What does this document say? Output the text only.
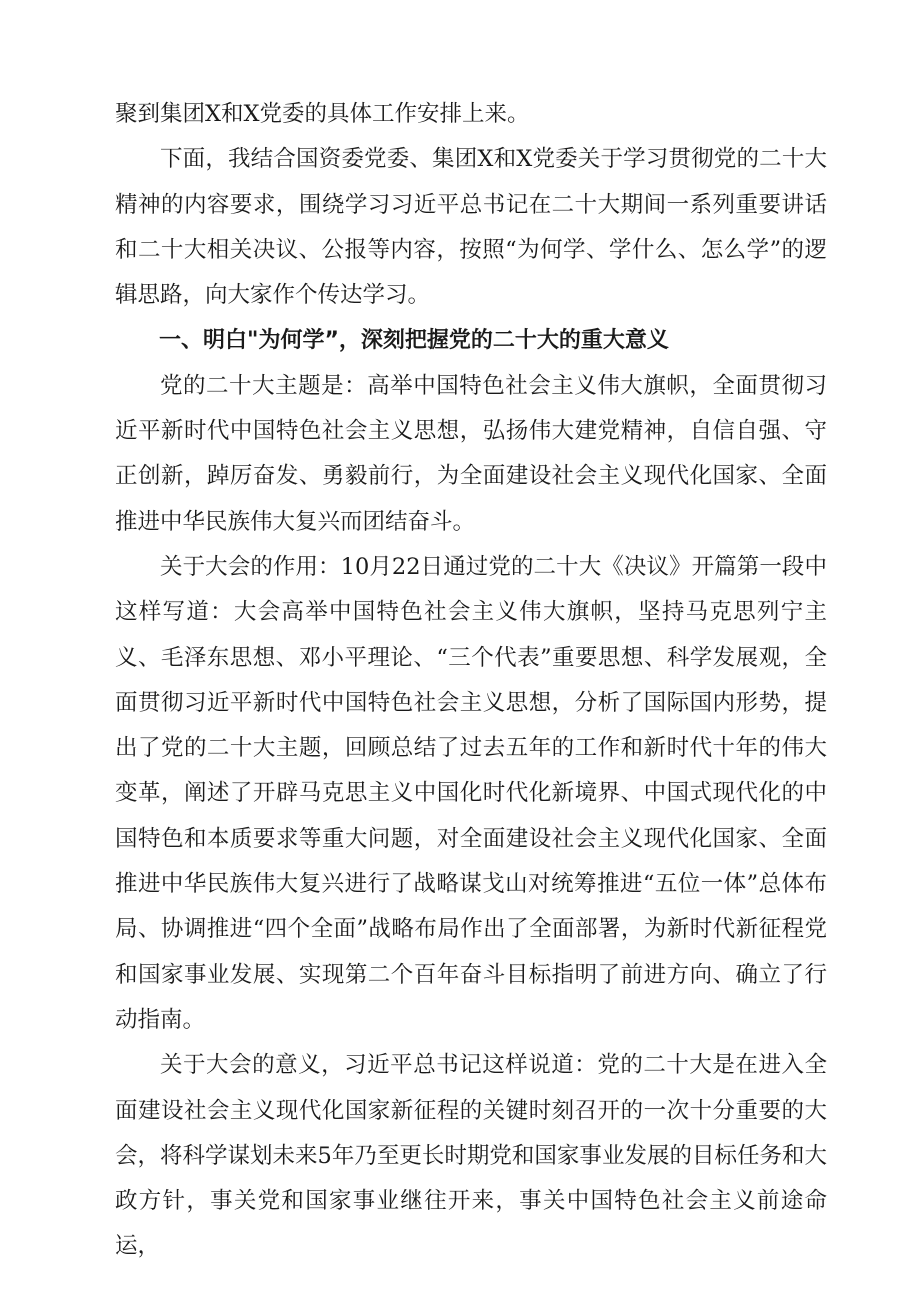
聚到集团X和X党委的具体工作安排上来。

下面，我结合国资委党委、集团X和X党委关于学习贯彻党的二十大精神的内容要求，围绕学习习近平总书记在二十大期间一系列重要讲话和二十大相关决议、公报等内容，按照“为何学、学什么、怎么学”的逻辑思路，向大家作个传达学习。

一、明白"为何学”，深刻把握党的二十大的重大意义

党的二十大主题是：高举中国特色社会主义伟大旗帜，全面贯彻习近平新时代中国特色社会主义思想，弘扬伟大建党精神，自信自强、守正创新，踔厉奋发、勇毅前行，为全面建设社会主义现代化国家、全面推进中华民族伟大复兴而团结奋斗。

关于大会的作用：10月22日通过党的二十大《决议》开篇第一段中这样写道：大会高举中国特色社会主义伟大旗帜，坚持马克思列宁主义、毛泽东思想、邓小平理论、“三个代表”重要思想、科学发展观，全面贯彻习近平新时代中国特色社会主义思想，分析了国际国内形势，提出了党的二十大主题，回顾总结了过去五年的工作和新时代十年的伟大变革，阐述了开辟马克思主义中国化时代化新境界、中国式现代化的中国特色和本质要求等重大问题，对全面建设社会主义现代化国家、全面推进中华民族伟大复兴进行了战略谋戈山对统筹推进“五位一体”总体布局、协调推进“四个全面”战略布局作出了全面部署，为新时代新征程党和国家事业发展、实现第二个百年奋斗目标指明了前进方向、确立了行动指南。

关于大会的意义，习近平总书记这样说道：党的二十大是在进入全面建设社会主义现代化国家新征程的关键时刻召开的一次十分重要的大会，将科学谋划未来5年乃至更长时期党和国家事业发展的目标任务和大政方针，事关党和国家事业继往开来，事关中国特色社会主义前途命运，
